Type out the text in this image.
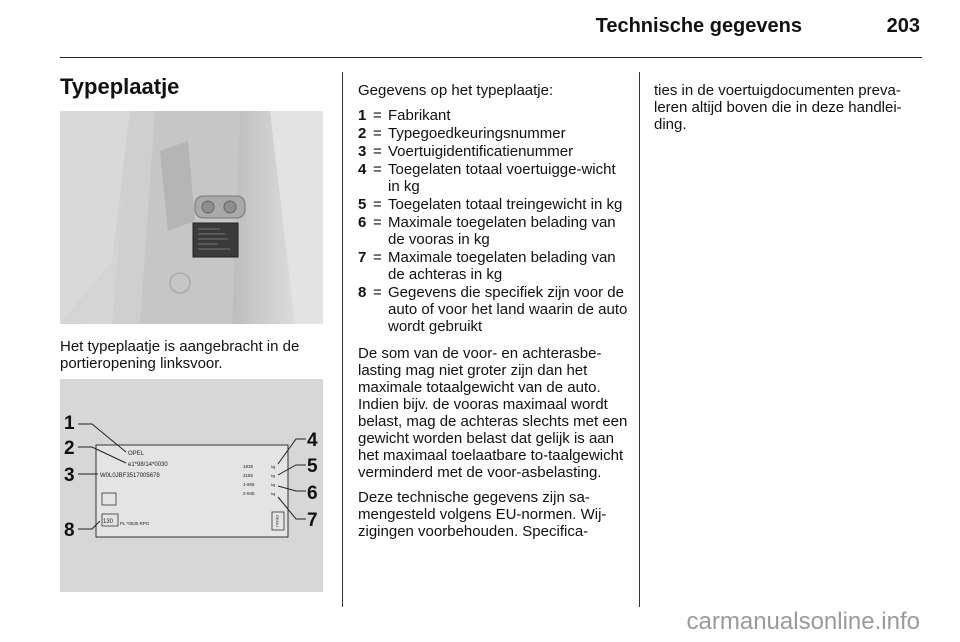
Technische gegevens	203
Typeplaatje
Het typeplaatje is aangebracht in de portieropening linksvoor.
OPEL
e1*98/14*0030
W0L0JBF3517005678
1835
3185
1-955
2-945
kg
kg
kg
kg
130 PL *0535 RPO	DKMU
1
2
3
4
5
6
7
8
Gegevens op het typeplaatje:
1 = Fabrikant
2 = Typegoedkeuringsnummer
3 = Voertuigidentificatienummer
4 = Toegelaten totaal voertuigge-wicht in kg
5 = Toegelaten totaal treingewicht in kg
6 = Maximale toegelaten belading van de vooras in kg
7 = Maximale toegelaten belading van de achteras in kg
8 = Gegevens die specifiek zijn voor de auto of voor het land waarin de auto wordt gebruikt
De som van de voor- en achterasbe-lasting mag niet groter zijn dan het maximale totaalgewicht van de auto. Indien bijv. de vooras maximaal wordt belast, mag de achteras slechts met een gewicht worden belast dat gelijk is aan het maximaal toelaatbare to-taalgewicht verminderd met de voor-asbelasting.
Deze technische gegevens zijn sa-mengesteld volgens EU-normen. Wij-zigingen voorbehouden. Specifica-
ties in de voertuigdocumenten preva-leren altijd boven die in deze handlei-ding.
carmanualsonline.info
